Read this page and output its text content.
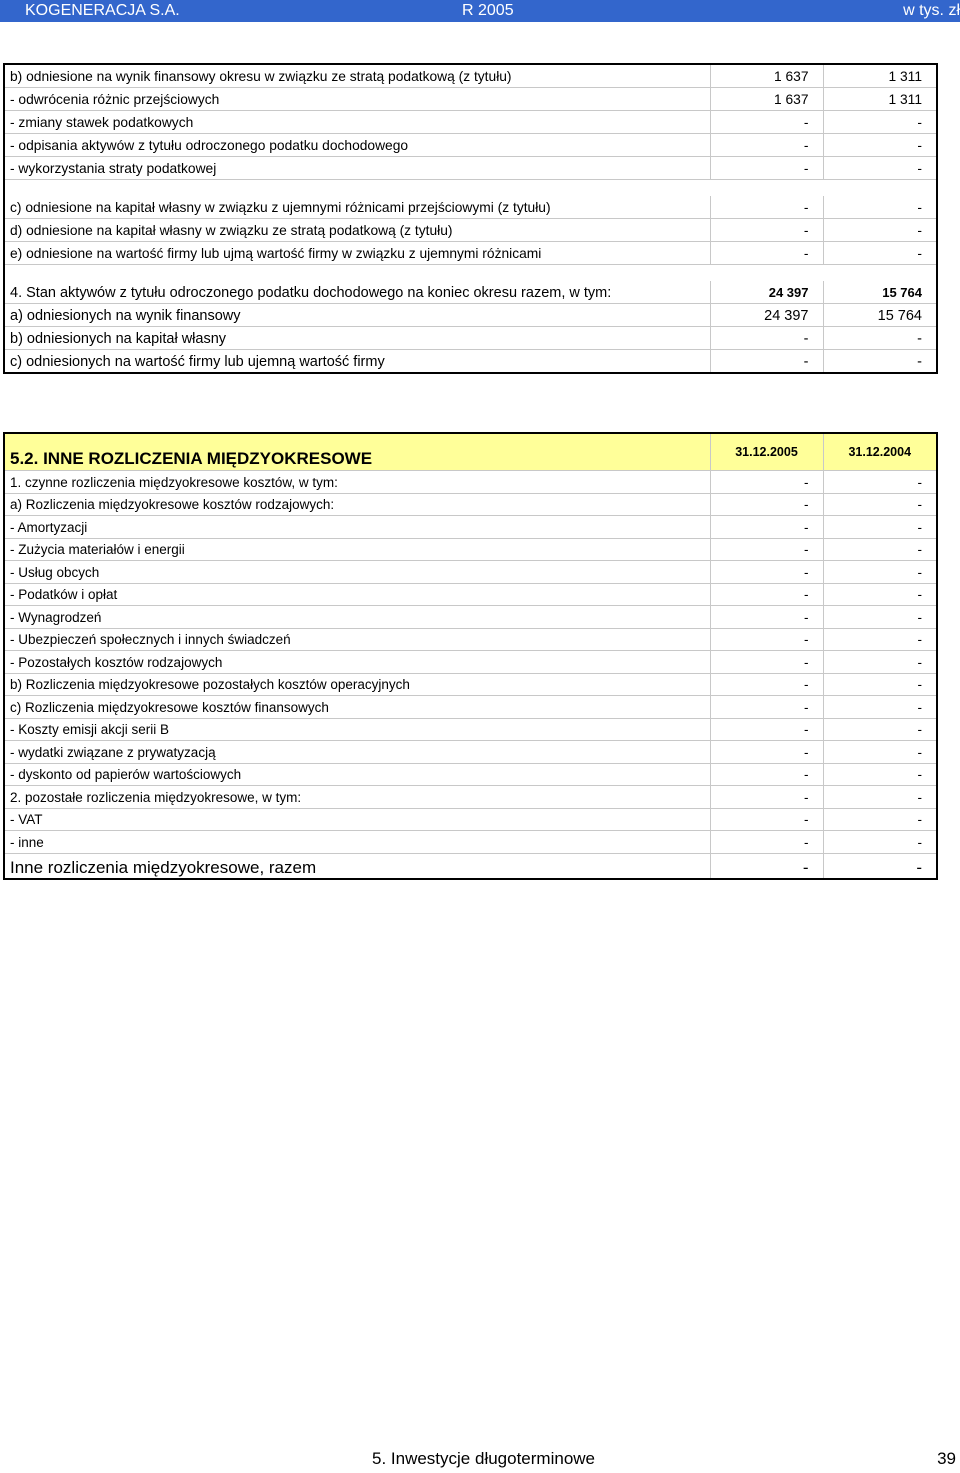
KOGENERACJA S.A.	R 2005	w tys. zł
b) odniesione na wynik finansowy okresu w związku ze stratą podatkową (z tytułu)	1 637	1 311
- odwrócenia różnic przejściowych	1 637	1 311
- zmiany stawek podatkowych	-	-
- odpisania aktywów z tytułu odroczonego podatku dochodowego	-	-
- wykorzystania straty podatkowej	-	-

c) odniesione na kapitał własny w związku z ujemnymi różnicami przejściowymi (z tytułu)	-	-
d) odniesione na kapitał własny w związku ze stratą podatkową (z tytułu)	-	-
e) odniesione na wartość firmy lub ujmą wartość firmy w związku z ujemnymi różnicami	-	-

4. Stan aktywów z tytułu odroczonego podatku dochodowego na koniec okresu razem, w tym:	24 397	15 764
a) odniesionych na wynik finansowy	24 397	15 764
b) odniesionych na kapitał własny	-	-
c) odniesionych na wartość firmy lub ujemną wartość firmy	-	-
5.2. INNE ROZLICZENIA MIĘDZYOKRESOWE	31.12.2005	31.12.2004
1. czynne rozliczenia międzyokresowe kosztów, w tym:	-	-
a) Rozliczenia międzyokresowe kosztów rodzajowych:	-	-
- Amortyzacji	-	-
- Zużycia materiałów i energii	-	-
- Usług obcych	-	-
- Podatków i opłat	-	-
- Wynagrodzeń	-	-
- Ubezpieczeń społecznych i innych świadczeń	-	-
- Pozostałych kosztów rodzajowych	-	-
b) Rozliczenia międzyokresowe pozostałych kosztów operacyjnych	-	-
c) Rozliczenia międzyokresowe kosztów finansowych	-	-
- Koszty emisji akcji serii B	-	-
- wydatki związane z prywatyzacją	-	-
- dyskonto od papierów wartościowych	-	-
2. pozostałe rozliczenia międzyokresowe, w tym:	-	-
- VAT	-	-
- inne	-	-
Inne rozliczenia międzyokresowe, razem	-	-
5. Inwestycje długoterminowe	39
